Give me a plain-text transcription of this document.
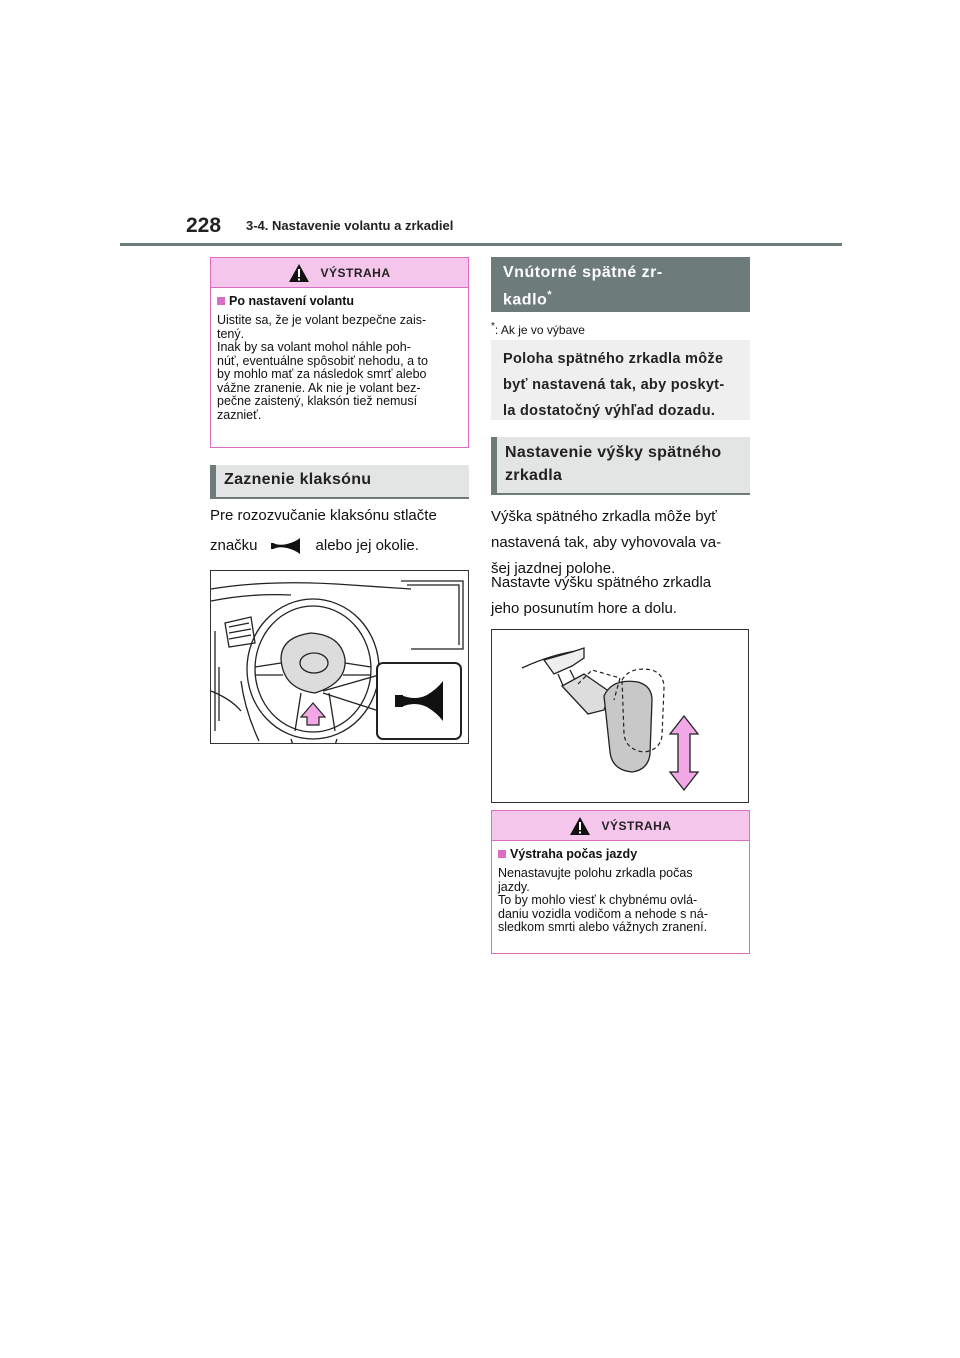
228 3-4. Nastavenie volantu a zrkadiel
VÝSTRAHA
Po nastavení volantu
Uistite sa, že je volant bezpečne zais-
tený.
Inak by sa volant mohol náhle poh-
núť, eventuálne spôsobiť nehodu, a to
by mohlo mať za následok smrť alebo
vážne zranenie. Ak nie je volant bez-
pečne zaistený, klaksón tiež nemusí
zaznieť.
Zaznenie klaksónu
Pre rozozvučanie klaksónu stlačte
značku	alebo jej okolie.
Vnútorné spätné zr-
kadlo*
*: Ak je vo výbave
Poloha spätného zrkadla môže
byť nastavená tak, aby poskyt-
la dostatočný výhľad dozadu.
Nastavenie výšky spätného
zrkadla
Výška spätného zrkadla môže byť
nastavená tak, aby vyhovovala va-
šej jazdnej polohe.
Nastavte výšku spätného zrkadla
jeho posunutím hore a dolu.
VÝSTRAHA
Výstraha počas jazdy
Nenastavujte polohu zrkadla počas
jazdy.
To by mohlo viesť k chybnému ovlá-
daniu vozidla vodičom a nehode s ná-
sledkom smrti alebo vážnych zranení.
